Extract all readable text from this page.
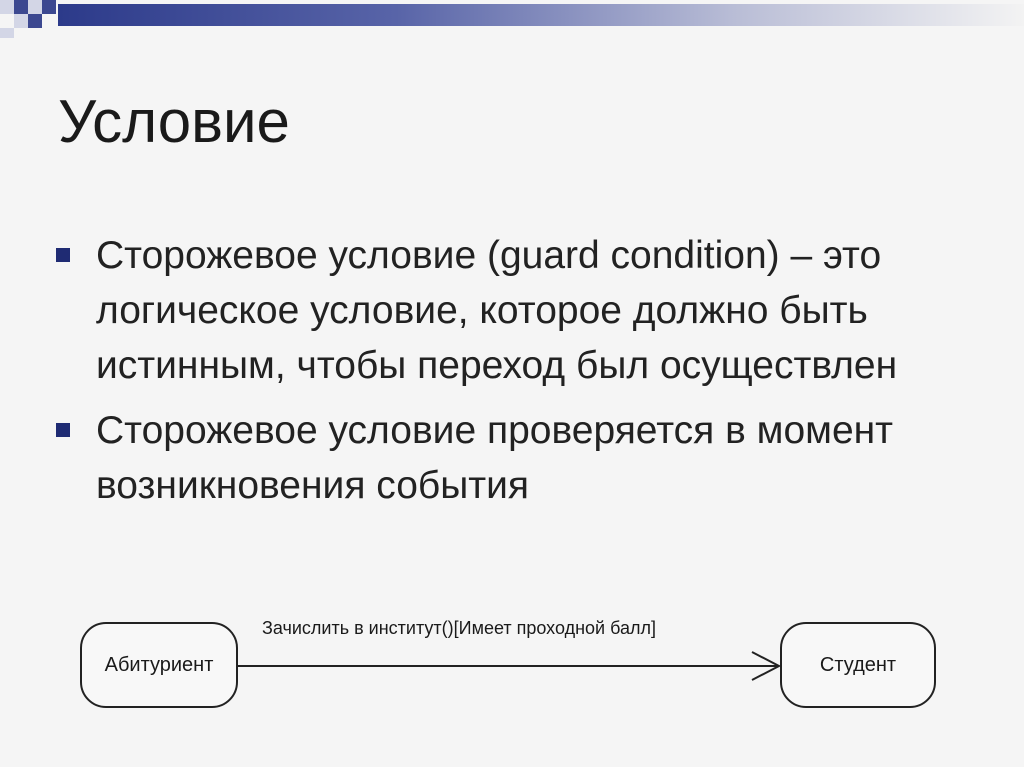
Условие
Сторожевое условие (guard condition) – это логическое условие, которое должно быть истинным, чтобы переход был осуществлен
Сторожевое условие проверяется в момент возникновения события
Зачислить в институт()[Имеет проходной балл]
Абитуриент	Студент
